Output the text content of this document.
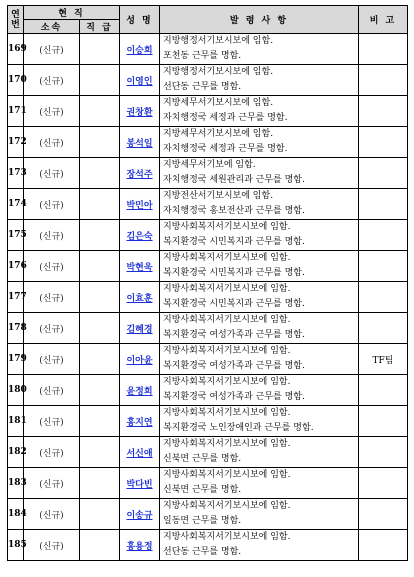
연
번	현 직		성 명	발 령 사 항	비 고
	소속	직 급			
169	(신규)		이승희	지방행정서기보시보에 임함.
포천동 근무를 명함.	

170	(신규)		이영인	지방행정서기보시보에 임함.
선단동 근무를 명함.	

171	(신규)		권창환	지방세무서기보시보에 임함.
자치행정국 세정과 근무를 명함.	

172	(신규)		봉석일	지방세무서기보시보에 임함.
자치행정국 세정과 근무를 명함.	

173	(신규)		장석주	지방세무서기보에 임함.
자치행정국 세원관리과 근무를 명함.	

174	(신규)		박민아	지방전산서기보시보에 임함.
자치행정국 홍보전산과 근무를 명함.	

175	(신규)		김은숙	지방사회복지서기보시보에 임함.
복지환경국 시민복지과 근무를 명함.	

176	(신규)		박현욱	지방사회복지서기보시보에 임함.
복지환경국 시민복지과 근무를 명함.	

177	(신규)		이효훈	지방사회복지서기보시보에 임함.
복지환경국 시민복지과 근무를 명함.	

178	(신규)		김혜경	지방사회복지서기보시보에 임함.
복지환경국 여성가족과 근무를 명함.	

179	(신규)		이아윤	지방사회복지서기보시보에 임함.
복지환경국 여성가족과 근무를 명함.	TF팀
180	(신규)		윤정희	지방사회복지서기보시보에 임함.
복지환경국 여성가족과 근무를 명함.	

181	(신규)		홍지연	지방사회복지서기보시보에 임함.
복지환경국 노인장애인과 근무를 명함.	

182	(신규)		서신애	지방사회복지서기보시보에 임함.
신북면 근무를 명함.	

183	(신규)		박다빈	지방사회복지서기보시보에 임함.
신북면 근무를 명함.	

184	(신규)		이송규	지방사회복지서기보시보에 임함.
일동면 근무를 명함.	

185	(신규)		홍용정	지방사회복지서기보시보에 임함.
선단동 근무를 명함.	
